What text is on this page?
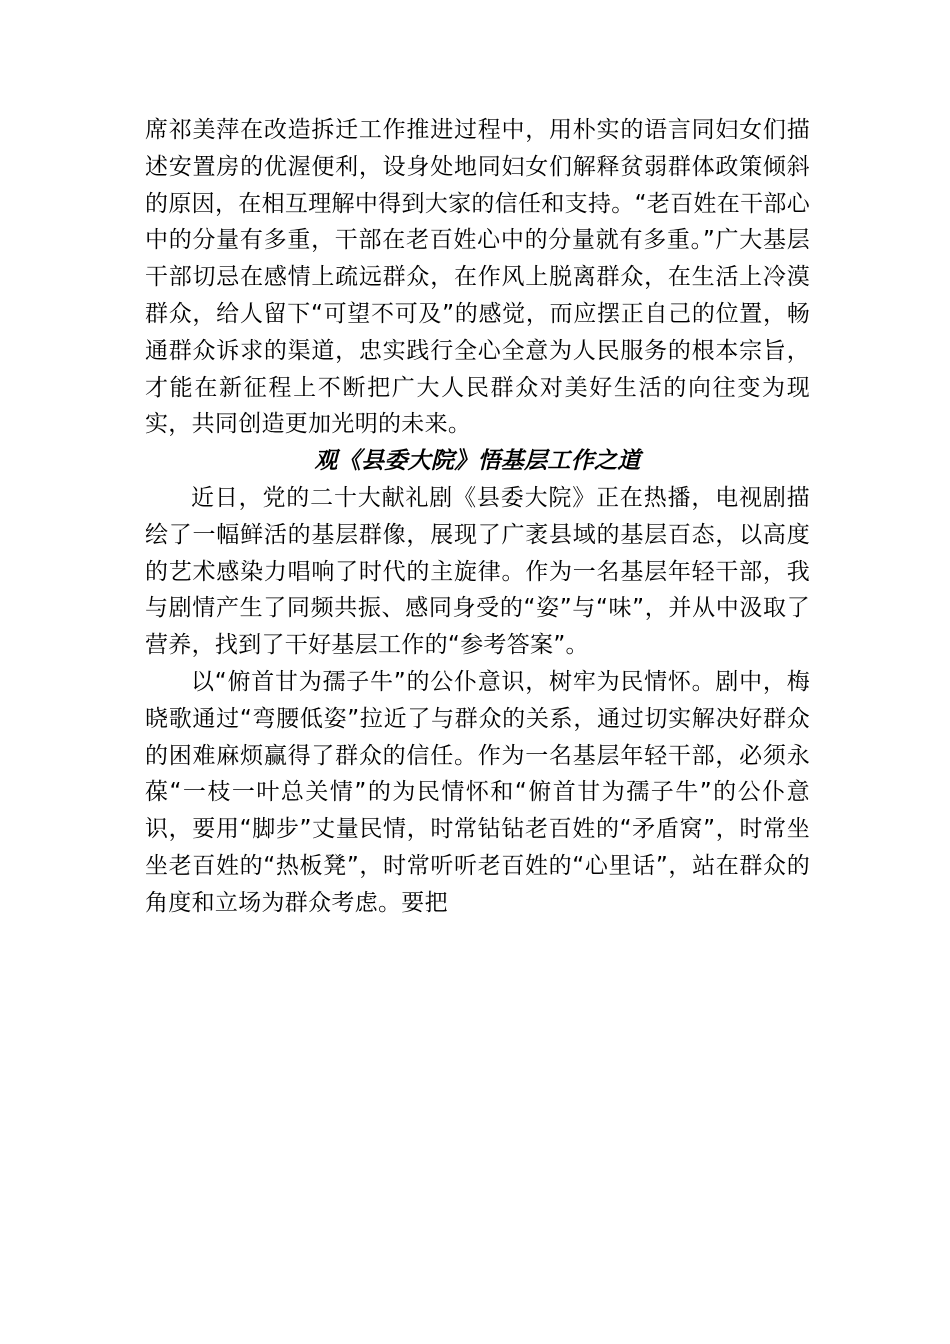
席祁美萍在改造拆迁工作推进过程中，用朴实的语言同妇女们描述安置房的优渥便利，设身处地同妇女们解释贫弱群体政策倾斜的原因，在相互理解中得到大家的信任和支持。“老百姓在干部心中的分量有多重，干部在老百姓心中的分量就有多重。”广大基层干部切忌在感情上疏远群众，在作风上脱离群众，在生活上冷漠群众，给人留下“可望不可及”的感觉，而应摆正自己的位置，畅通群众诉求的渠道，忠实践行全心全意为人民服务的根本宗旨，才能在新征程上不断把广大人民群众对美好生活的向往变为现实，共同创造更加光明的未来。

观《县委大院》悟基层工作之道

近日，党的二十大献礼剧《县委大院》正在热播，电视剧描绘了一幅鲜活的基层群像，展现了广袤县域的基层百态，以高度的艺术感染力唱响了时代的主旋律。作为一名基层年轻干部，我与剧情产生了同频共振、感同身受的“姿”与“味”，并从中汲取了营养，找到了干好基层工作的“参考答案”。

以“俯首甘为孺子牛”的公仆意识，树牢为民情怀。剧中，梅晓歌通过“弯腰低姿”拉近了与群众的关系，通过切实解决好群众的困难麻烦赢得了群众的信任。作为一名基层年轻干部，必须永葆“一枝一叶总关情”的为民情怀和“俯首甘为孺子牛”的公仆意识，要用“脚步”丈量民情，时常钻钻老百姓的“矛盾窝”，时常坐坐老百姓的“热板凳”，时常听听老百姓的“心里话”，站在群众的角度和立场为群众考虑。要把
